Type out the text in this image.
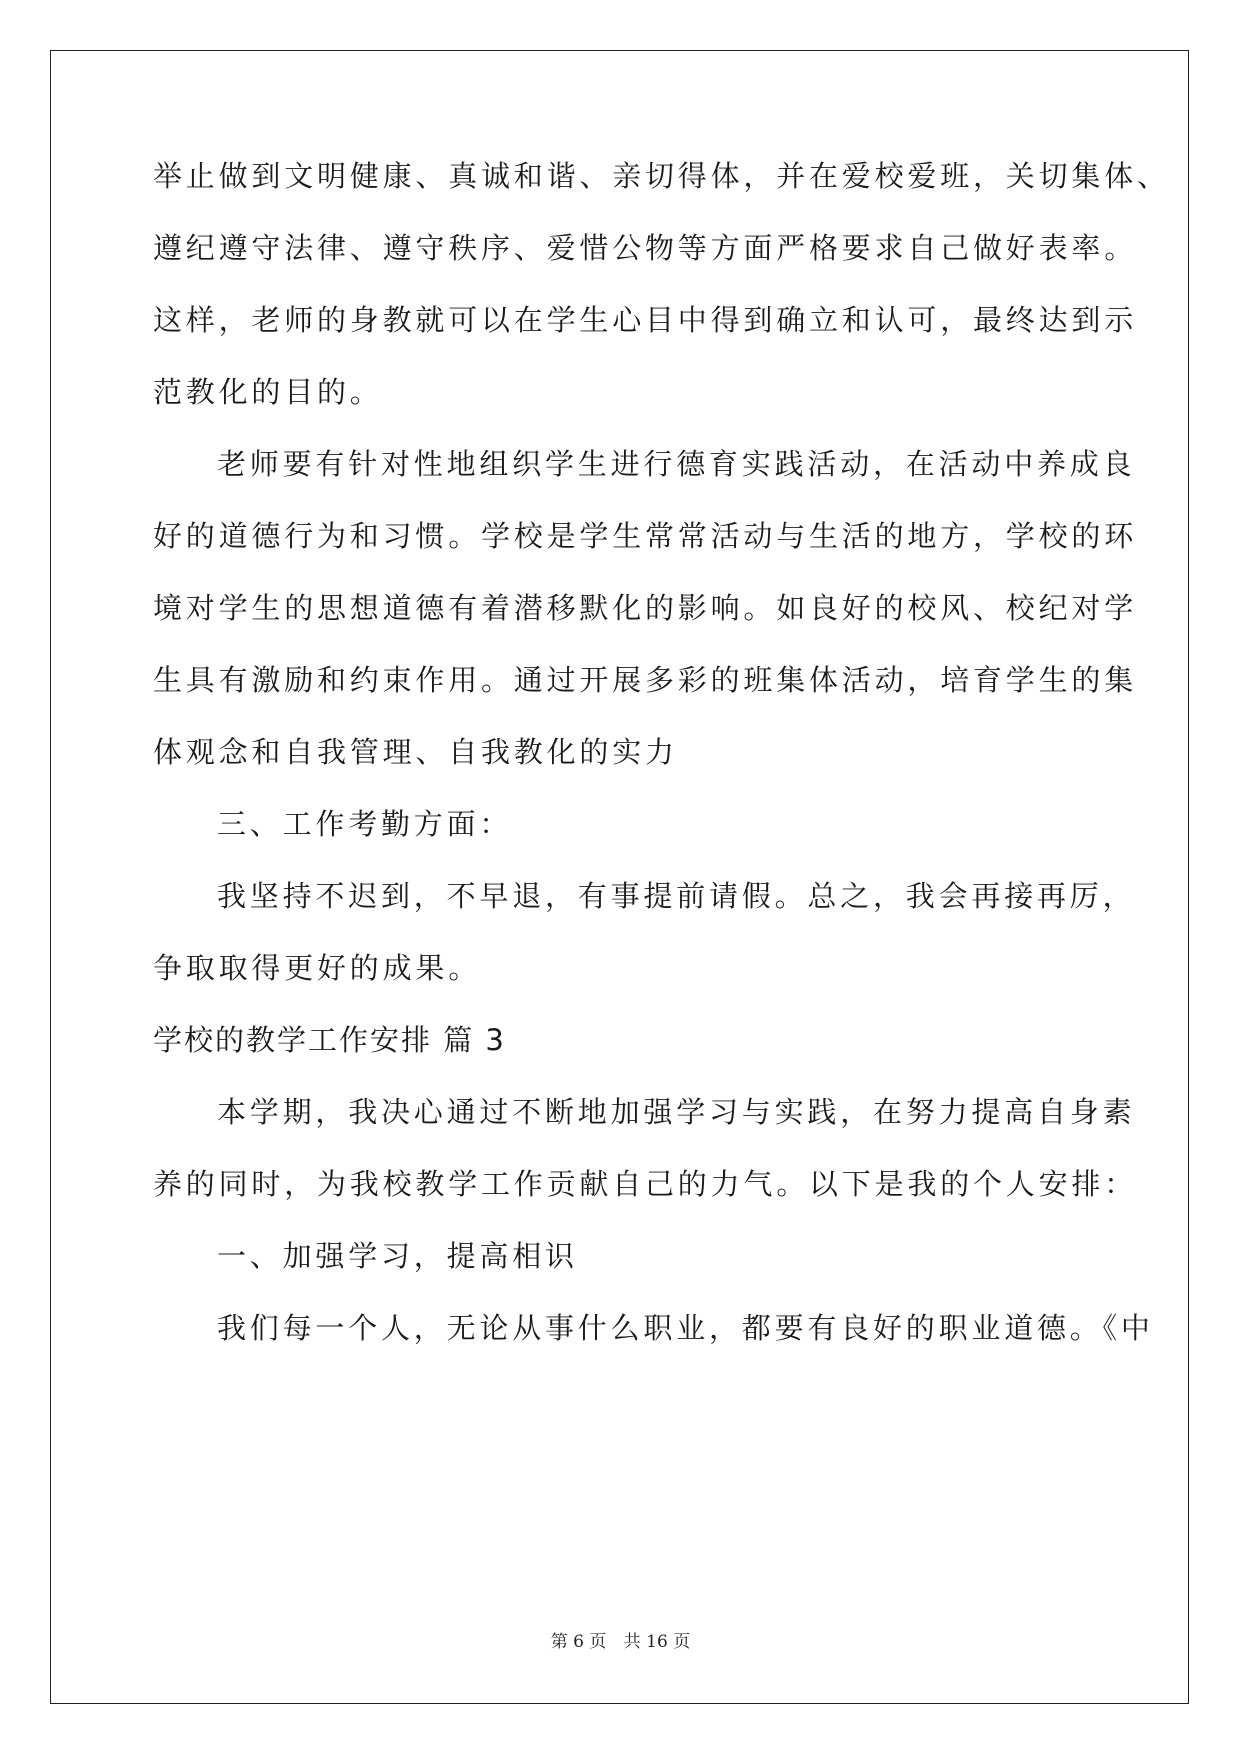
举止做到文明健康、真诚和谐、亲切得体，并在爱校爱班，关切集体、

遵纪遵守法律、遵守秩序、爱惜公物等方面严格要求自己做好表率。

这样，老师的身教就可以在学生心目中得到确立和认可，最终达到示

范教化的目的。

老师要有针对性地组织学生进行德育实践活动，在活动中养成良

好的道德行为和习惯。学校是学生常常活动与生活的地方，学校的环

境对学生的思想道德有着潜移默化的影响。如良好的校风、校纪对学

生具有激励和约束作用。通过开展多彩的班集体活动，培育学生的集

体观念和自我管理、自我教化的实力

三、工作考勤方面：

我坚持不迟到，不早退，有事提前请假。总之，我会再接再厉，

争取取得更好的成果。

学校的教学工作安排 篇 3

本学期，我决心通过不断地加强学习与实践，在努力提高自身素

养的同时，为我校教学工作贡献自己的力气。以下是我的个人安排：

一、加强学习，提高相识

我们每一个人，无论从事什么职业，都要有良好的职业道德。《中

第 6 页 共 16 页
